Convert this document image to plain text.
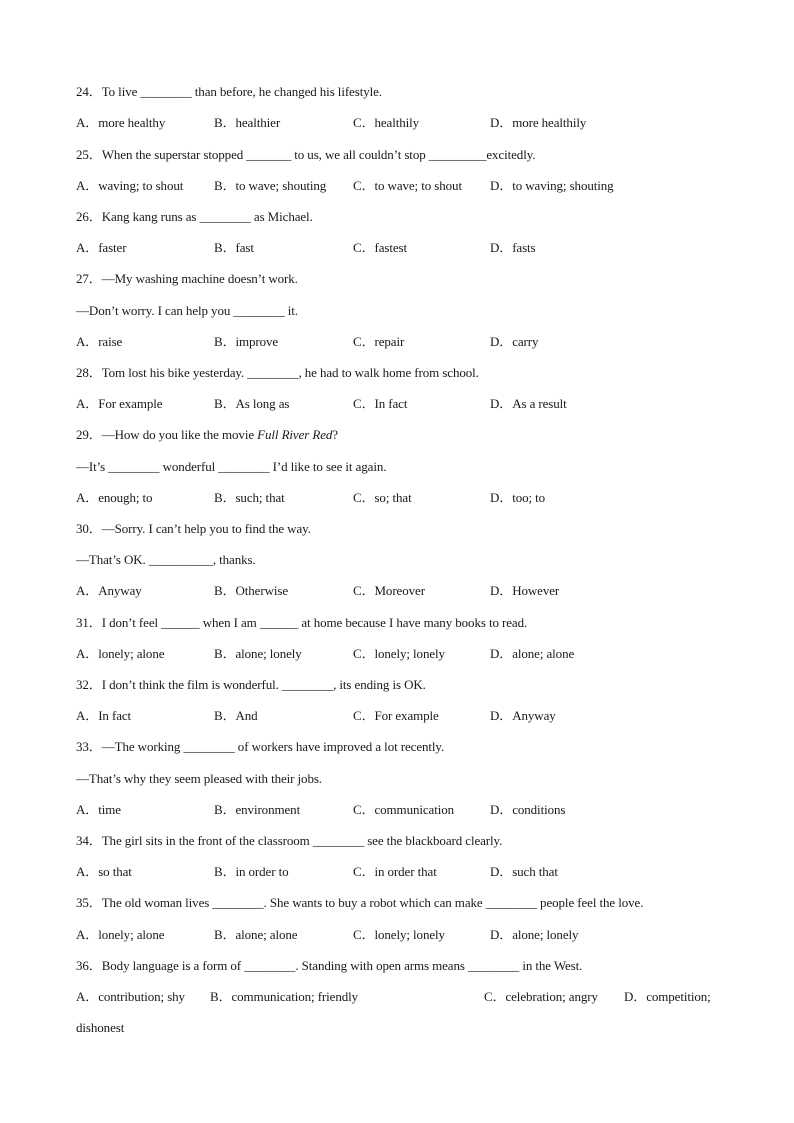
24．To live ________ than before, he changed his lifestyle.
A．more healthy	B．healthier	C．healthily	D．more healthily
25．When the superstar stopped _______ to us, we all couldn’t stop _________excitedly.
A．waving; to shout B．to wave; shouting C．to wave; to shout D．to waving; shouting
26．Kang kang runs as ________ as Michael.
A．faster	B．fast	C．fastest	D．fasts
27．—My washing machine doesn’t work.
—Don’t worry. I can help you ________ it.
A．raise	B．improve	C．repair	D．carry
28．Tom lost his bike yesterday. ________, he had to walk home from school.
A．For example	B．As long as	C．In fact	D．As a result
29．—How do you like the movie Full River Red?
—It’s ________ wonderful ________ I’d like to see it again.
A．enough; to	B．such; that	C．so; that	D．too; to
30．—Sorry. I can’t help you to find the way.
—That’s OK. __________, thanks.
A．Anyway	B．Otherwise	C．Moreover	D．However
31．I don’t feel ______ when I am ______ at home because I have many books to read.
A．lonely; alone	B．alone; lonely	C．lonely; lonely	D．alone; alone
32．I don’t think the film is wonderful. ________, its ending is OK.
A．In fact	B．And	C．For example	D．Anyway
33．—The working ________ of workers have improved a lot recently.
—That’s why they seem pleased with their jobs.
A．time	B．environment	C．communication	D．conditions
34．The girl sits in the front of the classroom ________ see the blackboard clearly.
A．so that	B．in order to	C．in order that	D．such that
35．The old woman lives ________. She wants to buy a robot which can make ________ people feel the love.
A．lonely; alone	B．alone; alone	C．lonely; lonely	D．alone; lonely
36．Body language is a form of ________. Standing with open arms means ________ in the West.
A．contribution; shy B．communication; friendly	C．celebration; angry D．competition;
dishonest
